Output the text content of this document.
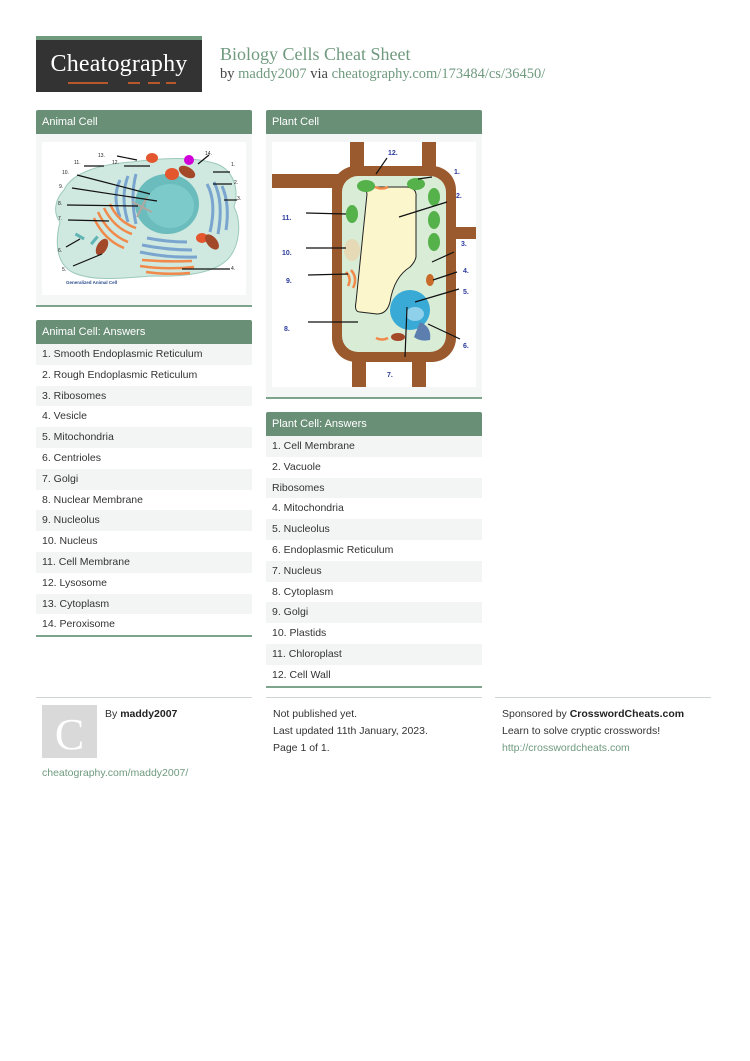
Cheatography	Biology Cells Cheat Sheet
by maddy2007 via cheatography.com/173484/cs/36450/
Animal Cell
13.
11.	12.
10.
9.
8.
7.
6.
5.
14.
1.
2.
3.
4.
Generalized Animal Cell
Animal Cell: Answers
1. Smooth Endoplasmic Reticulum
2. Rough Endoplasmic Reticulum
3. Ribosomes
4. Vesicle
5. Mitochondria
6. Centrioles
7. Golgi
8. Nuclear Membrane
9. Nucleolus
10. Nucleus
11. Cell Membrane
12. Lysosome
13. Cytoplasm
14. Peroxisome
Plant Cell
12.
1.
2.
3.
4.
5.
6.
7.
8.
9.
10.
11.
Plant Cell: Answers
1. Cell Membrane
2. Vacuole
Ribosomes
4. Mitochondria
5. Nucleolus
6. Endoplasmic Reticulum
7. Nucleus
8. Cytoplasm
9. Golgi
10. Plastids
11. Chloroplast
12. Cell Wall
C	By maddy2007
cheatography.com/maddy2007/
Not published yet.
Last updated 11th January, 2023.
Page 1 of 1.
Sponsored by CrosswordCheats.com
Learn to solve cryptic crosswords!
http://crosswordcheats.com
